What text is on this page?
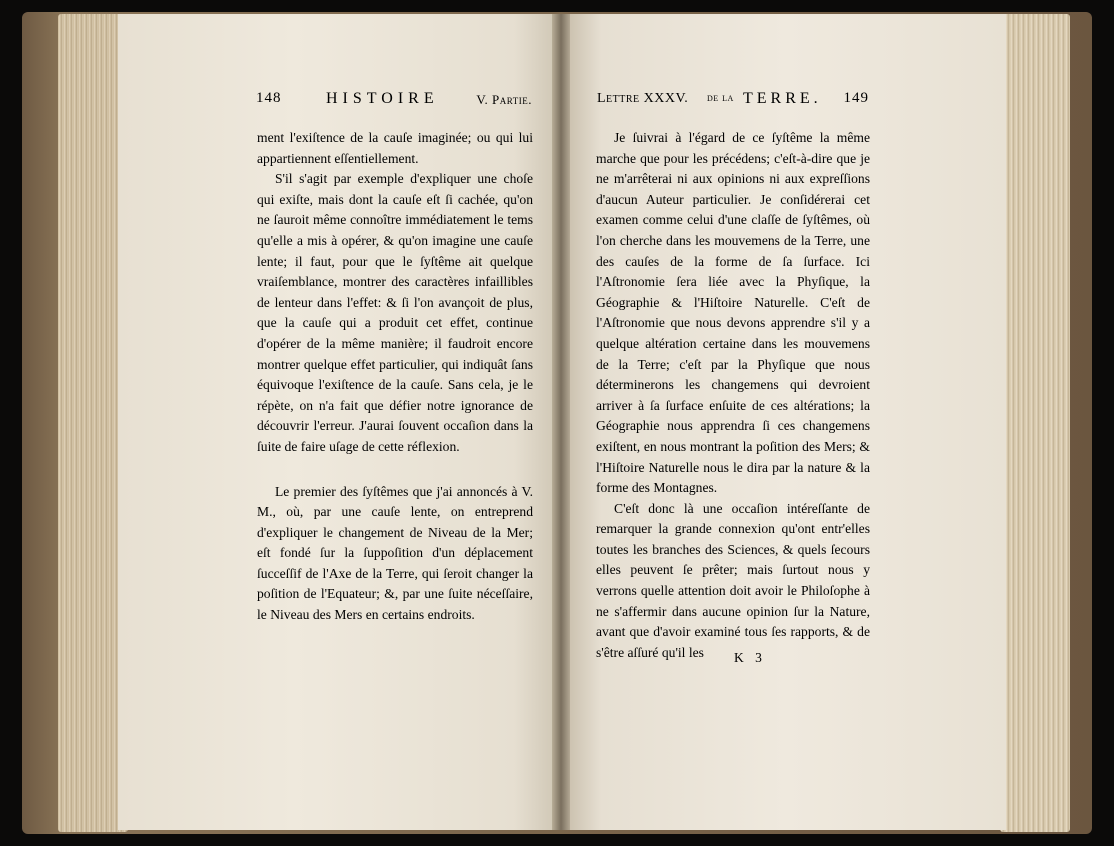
148	HISTOIRE	V. Partie.

ment l'exiſtence de la cauſe imaginée; ou qui lui appartiennent eſſentiellement.

S'il s'agit par exemple d'expliquer une choſe qui exiſte, mais dont la cauſe eſt ſi cachée, qu'on ne ſauroit même connoître immédiatement le tems qu'elle a mis à opérer, & qu'on imagine une cauſe lente; il faut, pour que le ſyſtême ait quelque vraiſemblance, montrer des caractères infaillibles de lenteur dans l'effet: & ſi l'on avançoit de plus, que la cauſe qui a produit cet effet, continue d'opérer de la même manière; il faudroit encore montrer quelque effet particulier, qui indiquât ſans équivoque l'exiſtence de la cauſe. Sans cela, je le répète, on n'a fait que défier notre ignorance de découvrir l'erreur. J'aurai ſouvent occaſion dans la ſuite de faire uſage de cette réflexion.

Le premier des ſyſtêmes que j'ai annoncés à V. M., où, par une cauſe lente, on entreprend d'expliquer le changement de Niveau de la Mer; eſt fondé ſur la ſuppoſition d'un déplacement ſucceſſif de l'Axe de la Terre, qui ſeroit changer la poſition de l'Equateur; &, par une ſuite néceſſaire, le Niveau des Mers en certains endroits.

Lettre XXXV. de la TERRE. 149

Je ſuivrai à l'égard de ce ſyſtême la même marche que pour les précédens; c'eſt-à-dire que je ne m'arrêterai ni aux opinions ni aux expreſſions d'aucun Auteur particulier. Je conſidérerai cet examen comme celui d'une claſſe de ſyſtêmes, où l'on cherche dans les mouvemens de la Terre, une des cauſes de la forme de ſa ſurface. Ici l'Aſtronomie ſera liée avec la Phyſique, la Géographie & l'Hiſtoire Naturelle. C'eſt de l'Aſtronomie que nous devons apprendre s'il y a quelque altération certaine dans les mouvemens de la Terre; c'eſt par la Phyſique que nous déterminerons les changemens qui devroient arriver à ſa ſurface enſuite de ces altérations; la Géographie nous apprendra ſi ces changemens exiſtent, en nous montrant la poſition des Mers; & l'Hiſtoire Naturelle nous le dira par la nature & la forme des Montagnes.

C'eſt donc là une occaſion intéreſſante de remarquer la grande connexion qu'ont entr'elles toutes les branches des Sciences, & quels ſecours elles peuvent ſe prêter; mais ſurtout nous y verrons quelle attention doit avoir le Philoſophe à ne s'affermir dans aucune opinion ſur la Nature, avant que d'avoir examiné tous ſes rapports, & de s'être aſſuré qu'il les	K 3
